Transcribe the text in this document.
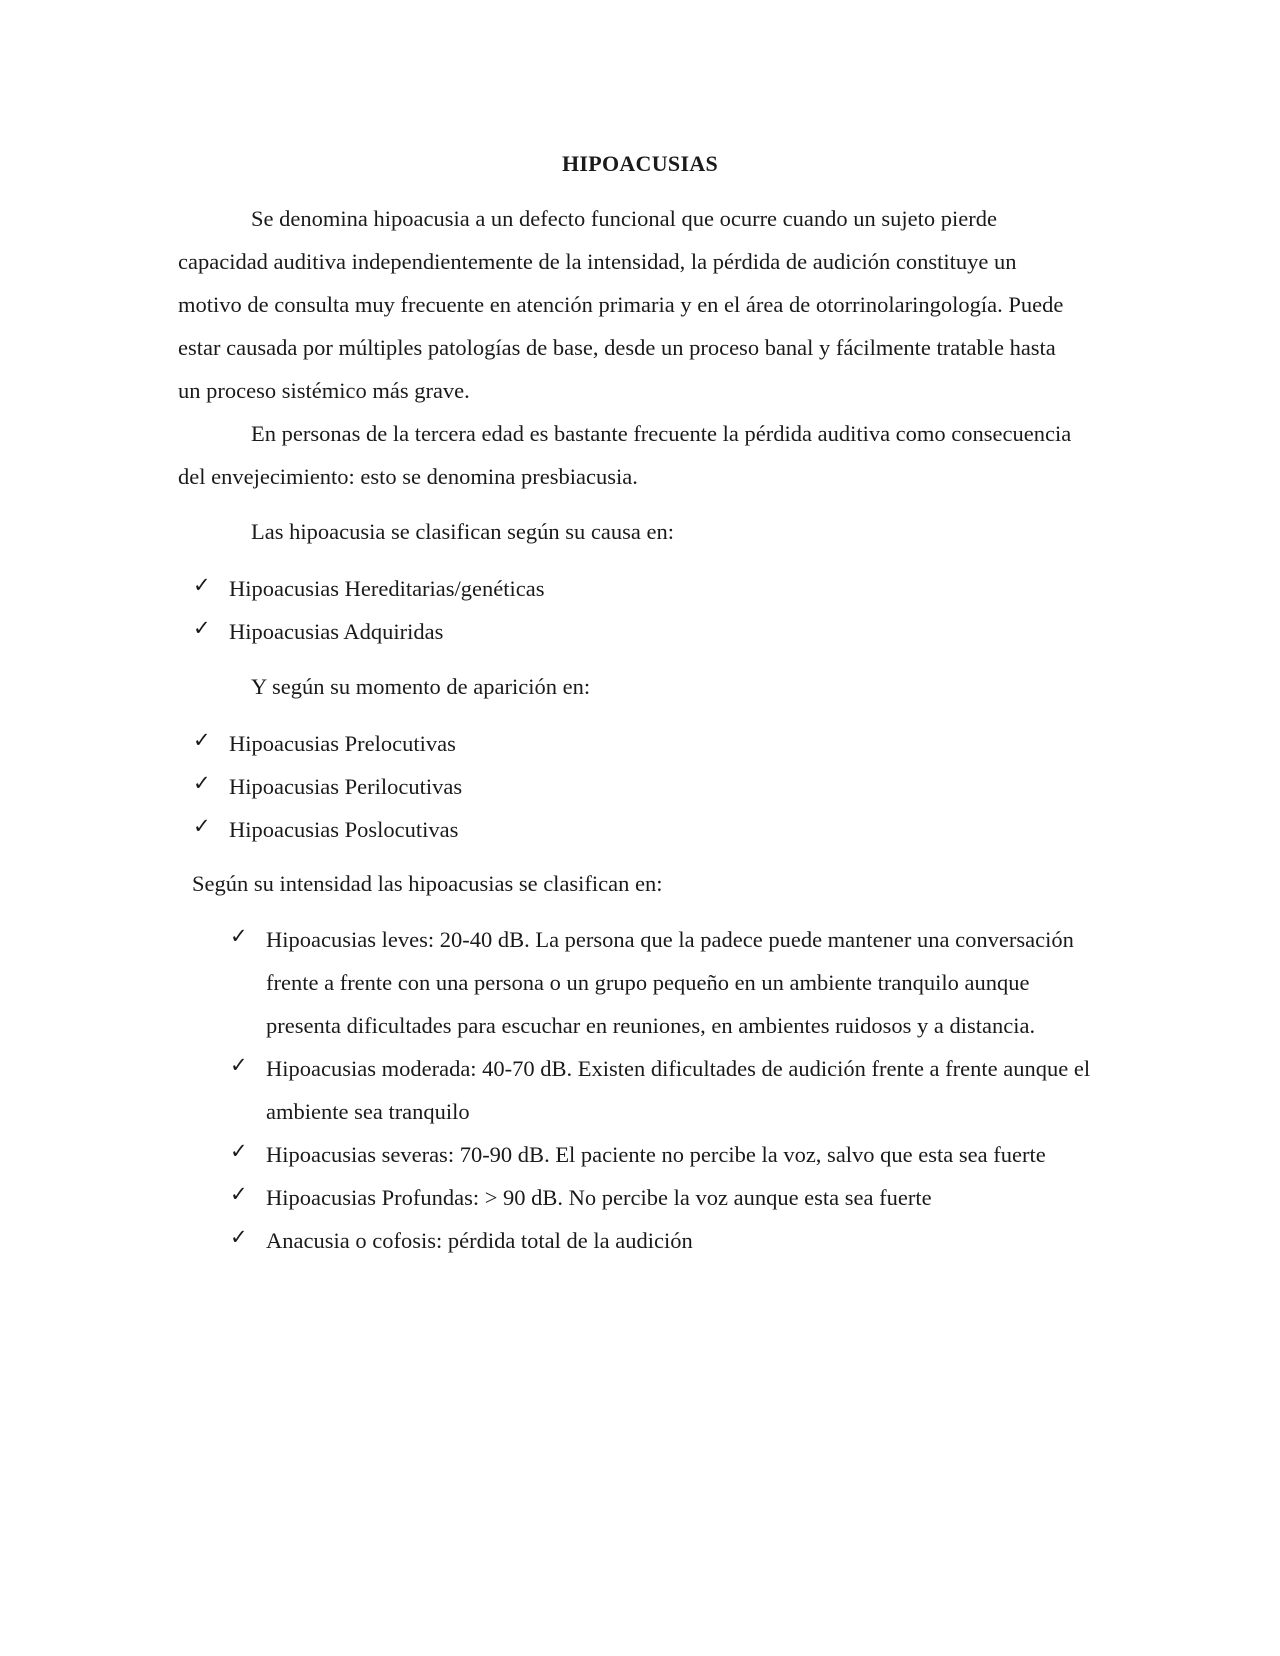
HIPOACUSIAS

Se denomina hipoacusia a un defecto funcional que ocurre cuando un sujeto pierde capacidad auditiva independientemente de la intensidad, la pérdida de audición constituye un motivo de consulta muy frecuente en atención primaria y en el área de otorrinolaringología. Puede estar causada por múltiples patologías de base, desde un proceso banal y fácilmente tratable hasta un proceso sistémico más grave.

En personas de la tercera edad es bastante frecuente la pérdida auditiva como consecuencia del envejecimiento: esto se denomina presbiacusia.

Las hipoacusia se clasifican según su causa en:

✓ Hipoacusias Hereditarias/genéticas
✓ Hipoacusias Adquiridas

Y según su momento de aparición en:

✓ Hipoacusias Prelocutivas
✓ Hipoacusias Perilocutivas
✓ Hipoacusias Poslocutivas

Según su intensidad las hipoacusias se clasifican en:

✓ Hipoacusias leves: 20-40 dB. La persona que la padece puede mantener una conversación frente a frente con una persona o un grupo pequeño en un ambiente tranquilo aunque presenta dificultades para escuchar en reuniones, en ambientes ruidosos y a distancia.
✓ Hipoacusias moderada: 40-70 dB. Existen dificultades de audición frente a frente aunque el ambiente sea tranquilo
✓ Hipoacusias severas: 70-90 dB. El paciente no percibe la voz, salvo que esta sea fuerte
✓ Hipoacusias Profundas: > 90 dB. No percibe la voz aunque esta sea fuerte
✓ Anacusia o cofosis: pérdida total de la audición
